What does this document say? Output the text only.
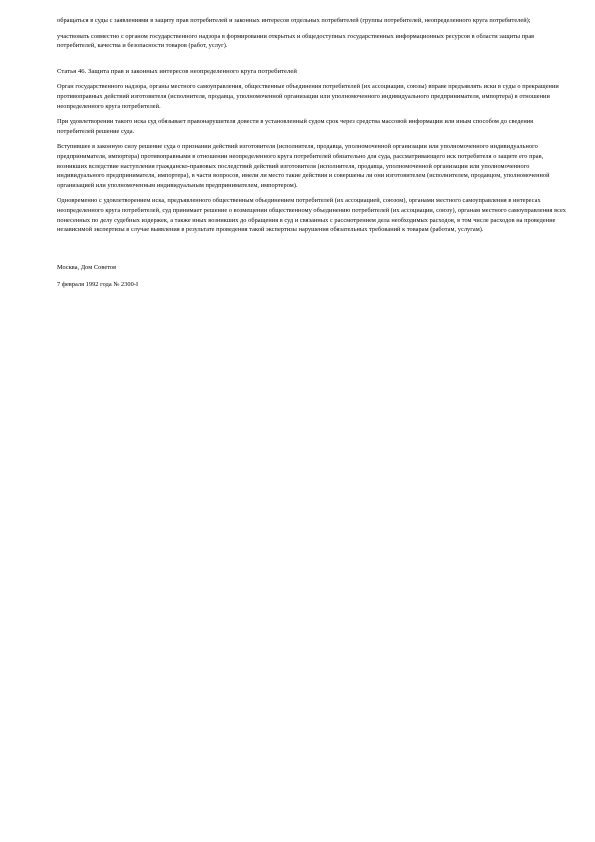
обращаться в суды с заявлениями в защиту прав потребителей и законных интересов отдельных потребителей (группы потребителей, неопределенного круга потребителей);

участвовать совместно с органом государственного надзора в формировании открытых и общедоступных государственных информационных ресурсов в области защиты прав потребителей, качества и безопасности товаров (работ, услуг).

Статья 46. Защита прав и законных интересов неопределенного круга потребителей

Орган государственного надзора, органы местного самоуправления, общественные объединения потребителей (их ассоциации, союзы) вправе предъявлять иски в суды о прекращении противоправных действий изготовителя (исполнителя, продавца, уполномоченной организации или уполномоченного индивидуального предпринимателя, импортера) в отношении неопределенного круга потребителей.

При удовлетворении такого иска суд обязывает правонарушителя довести в установленный судом срок через средства массовой информации или иным способом до сведения потребителей решение суда.

Вступившее в законную силу решение суда о признании действий изготовителя (исполнителя, продавца, уполномоченной организации или уполномоченного индивидуального предпринимателя, импортера) противоправными в отношении неопределенного круга потребителей обязательно для суда, рассматривающего иск потребителя о защите его прав, возникших вследствие наступления гражданско-правовых последствий действий изготовителя (исполнителя, продавца, уполномоченной организации или уполномоченного индивидуального предпринимателя, импортера), в части вопросов, имели ли место такие действия и совершены ли они изготовителем (исполнителем, продавцом, уполномоченной организацией или уполномоченным индивидуальным предпринимателем, импортером).

Одновременно с удовлетворением иска, предъявленного общественным объединением потребителей (их ассоциацией, союзом), органами местного самоуправления в интересах неопределенного круга потребителей, суд принимает решение о возмещении общественному объединению потребителей (их ассоциации, союзу), органам местного самоуправления всех понесенных по делу судебных издержек, а также иных возникших до обращения в суд и связанных с рассмотрением дела необходимых расходов, в том числе расходов на проведение независимой экспертизы в случае выявления в результате проведения такой экспертизы нарушения обязательных требований к товарам (работам, услугам).

Москва, Дом Советов

7 февраля 1992 года № 2300-I
